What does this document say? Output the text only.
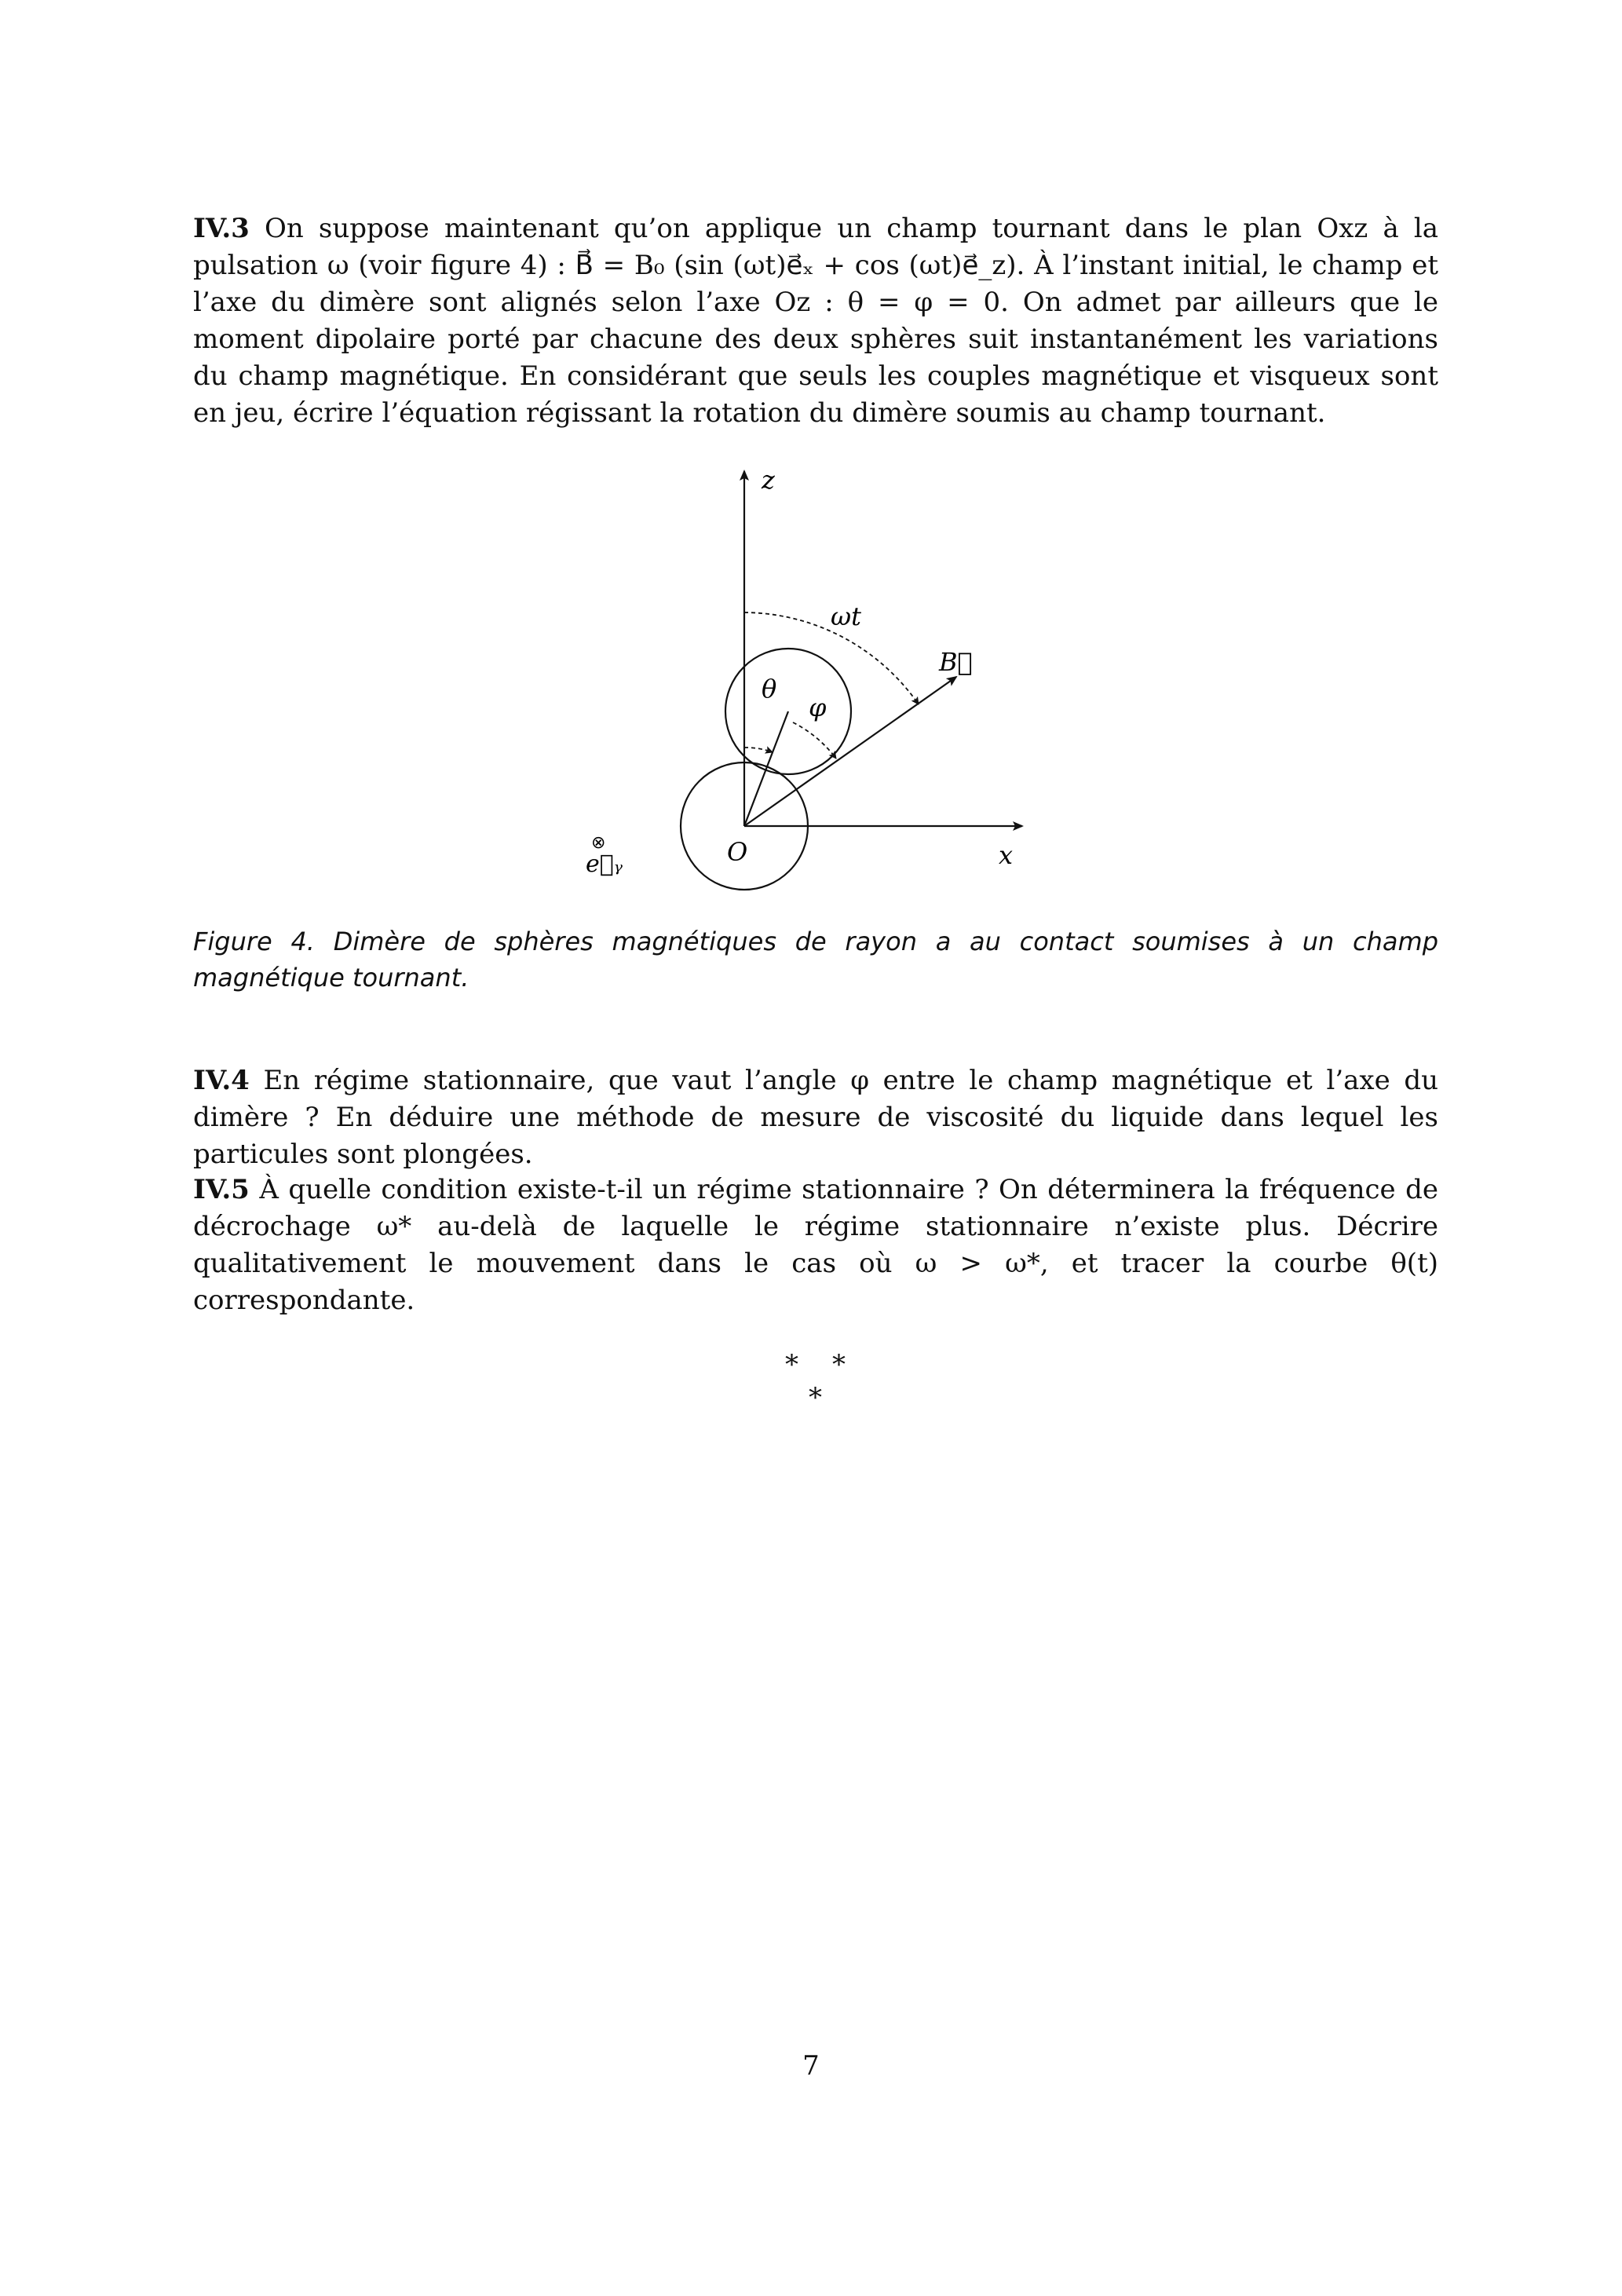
IV.3 On suppose maintenant qu’on applique un champ tournant dans le plan Oxz à la pulsation ω (voir figure 4) : B⃗ = B₀ (sin (ωt)e⃗ₓ + cos (ωt)e⃗_z). À l’instant initial, le champ et l’axe du dimère sont alignés selon l’axe Oz : θ = φ = 0. On admet par ailleurs que le moment dipolaire porté par chacune des deux sphères suit instantanément les variations du champ magnétique. En considérant que seuls les couples magnétique et visqueux sont en jeu, écrire l’équation régissant la rotation du dimère soumis au champ tournant.
z
x
O
ωt
θ
φ
B⃗
⊗
e⃗ᵧ
Figure 4. Dimère de sphères magnétiques de rayon a au contact soumises à un champ magnétique tournant.
IV.4 En régime stationnaire, que vaut l’angle φ entre le champ magnétique et l’axe du dimère ? En déduire une méthode de mesure de viscosité du liquide dans lequel les particules sont plongées.
IV.5 À quelle condition existe-t-il un régime stationnaire ? On déterminera la fréquence de décrochage ω* au-delà de laquelle le régime stationnaire n’existe plus. Décrire qualitativement le mouvement dans le cas où ω > ω*, et tracer la courbe θ(t) correspondante.
* *
*
7
